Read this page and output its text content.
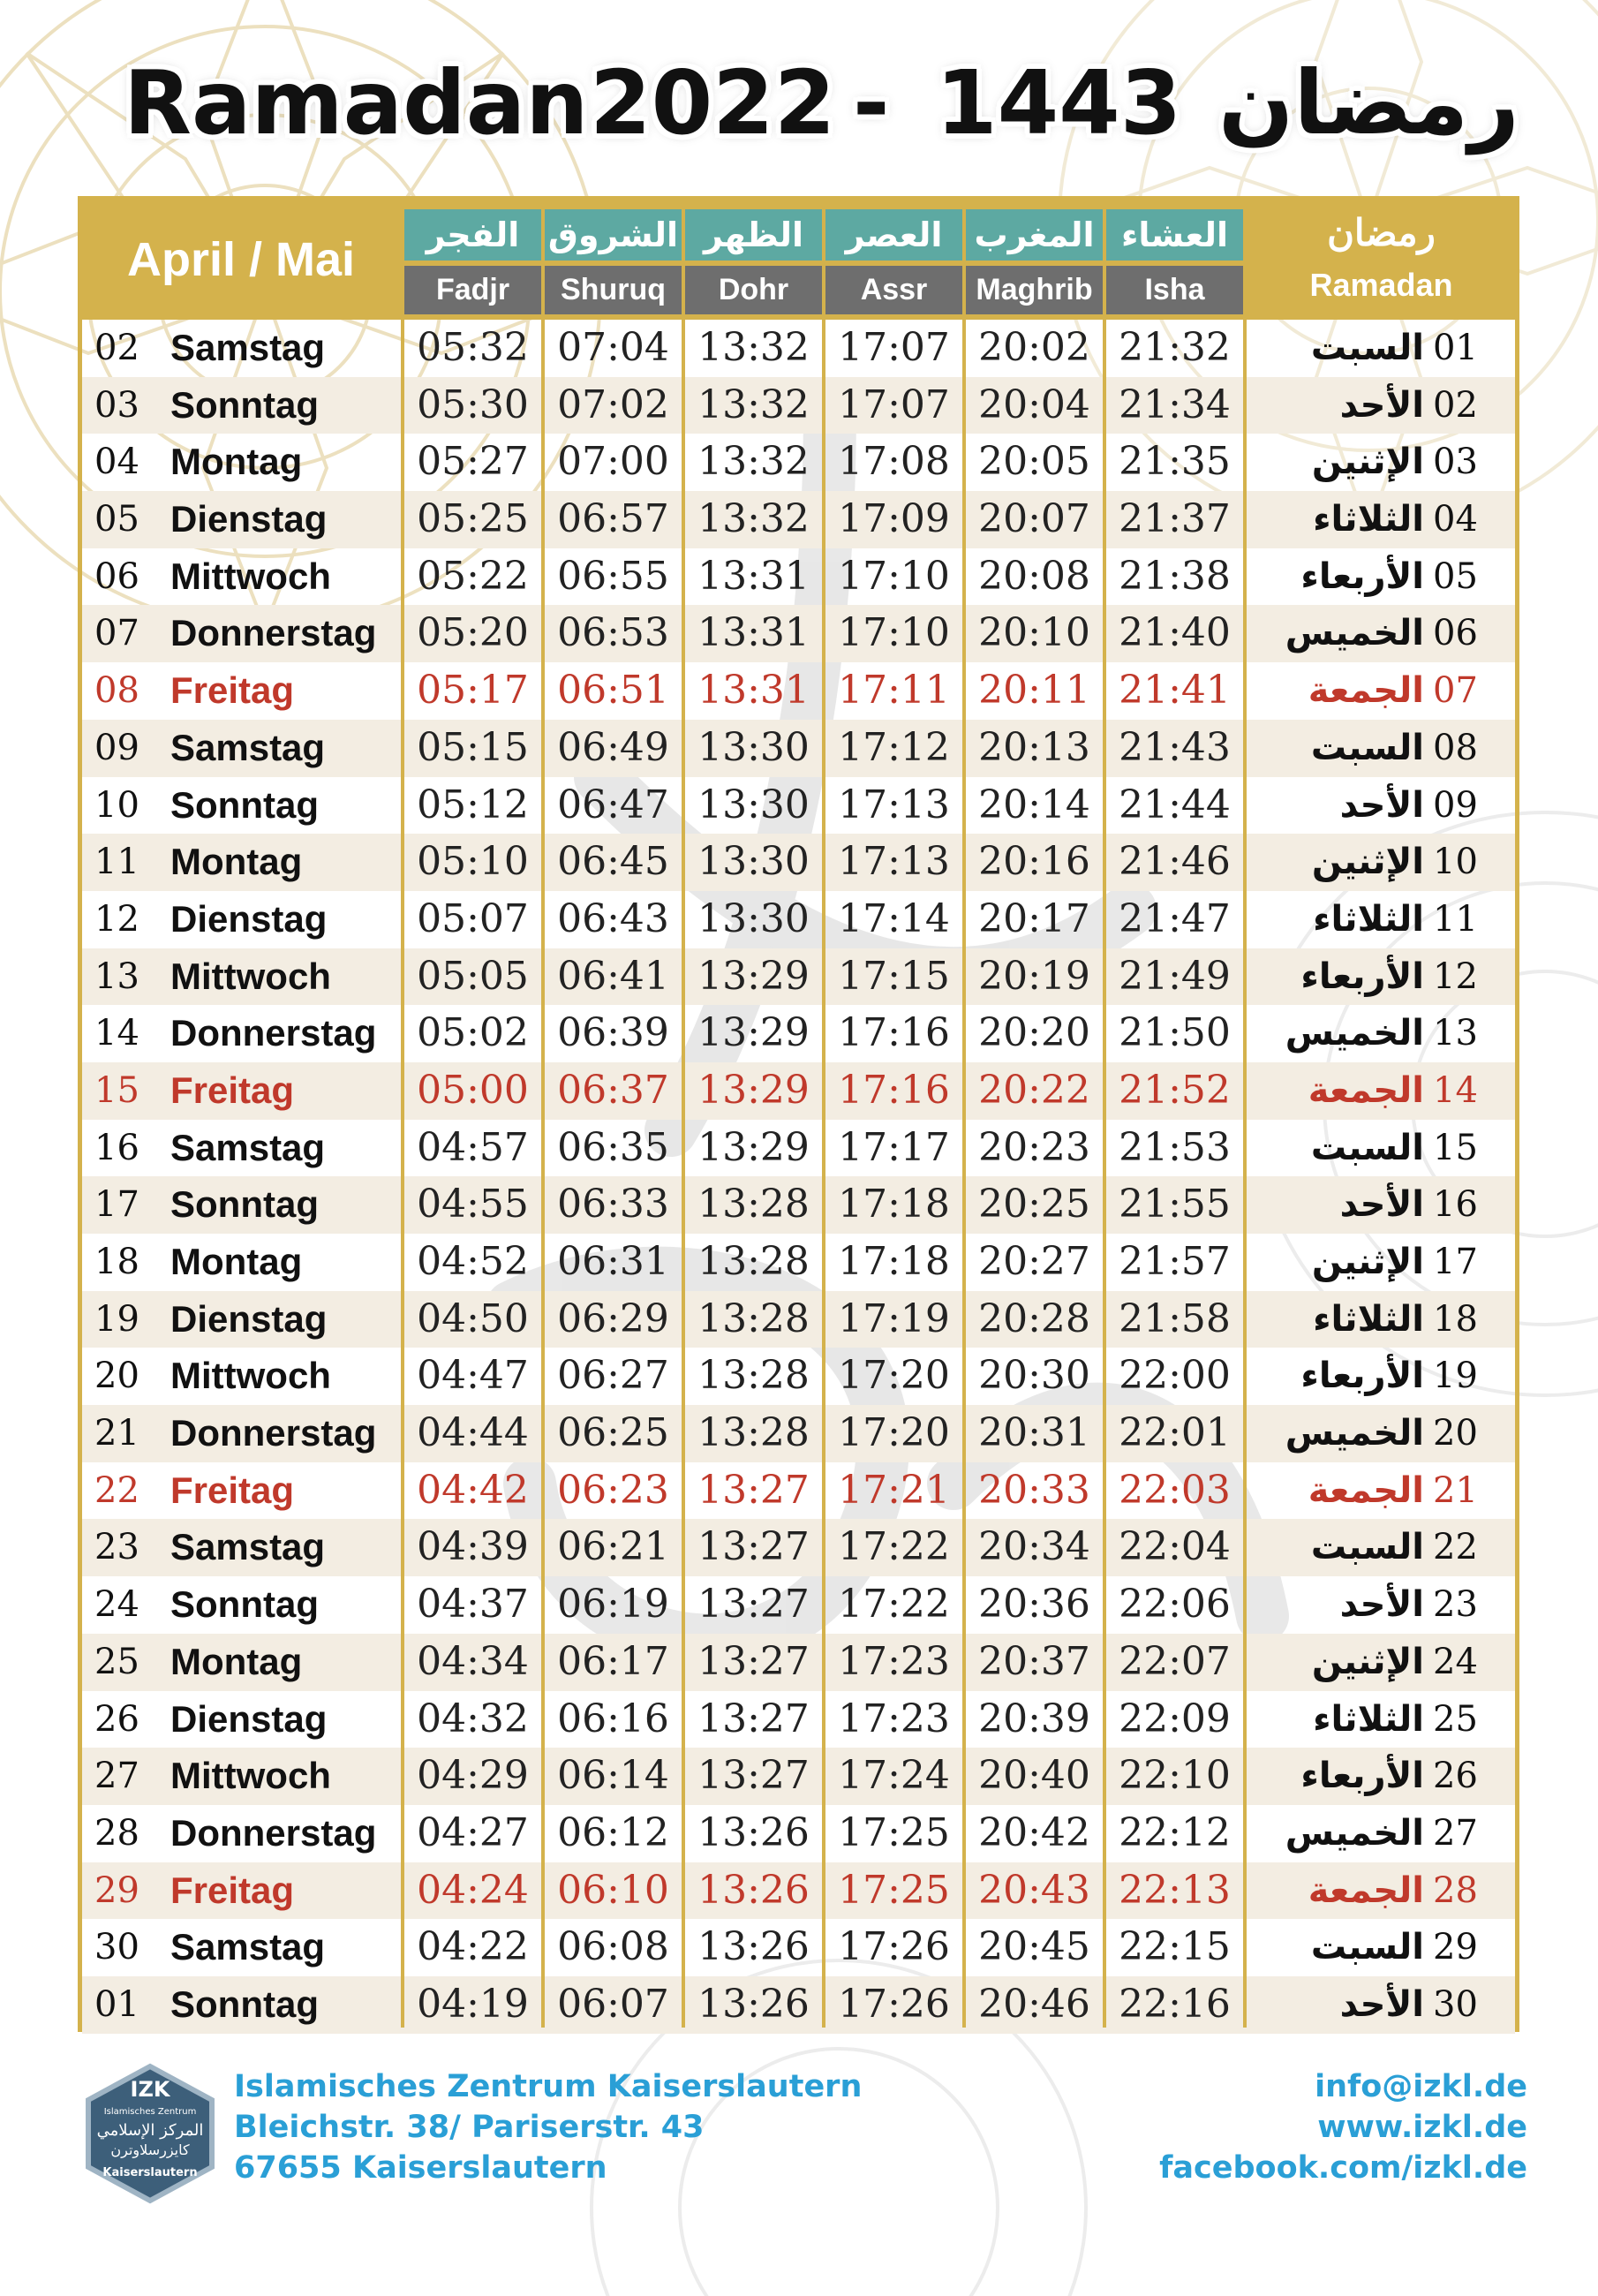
Ramadan 2022 - 1443 رمضان
April / Mai	الفجر
Fadjr
الشروق
Shuruq
الظهر
Dohr
العصر
Assr
المغرب
Maghrib
العشاء
Isha
رمضان
Ramadan
02 Samstag	05:32 07:04 13:32 17:07 20:02 21:32	السبت 01
03 Sonntag	05:30 07:02 13:32 17:07 20:04 21:34	الأحد 02
04 Montag	05:27 07:00 13:32 17:08 20:05 21:35	الإثنين 03
05 Dienstag	05:25 06:57 13:32 17:09 20:07 21:37	الثلاثاء 04
06 Mittwoch	05:22 06:55 13:31 17:10 20:08 21:38	الأربعاء 05
07 Donnerstag	05:20 06:53 13:31 17:10 20:10 21:40	الخميس 06
08 Freitag	05:17 06:51 13:31 17:11 20:11 21:41	الجمعة 07
09 Samstag	05:15 06:49 13:30 17:12 20:13 21:43	السبت 08
10 Sonntag	05:12 06:47 13:30 17:13 20:14 21:44	الأحد 09
11 Montag	05:10 06:45 13:30 17:13 20:16 21:46	الإثنين 10
12 Dienstag	05:07 06:43 13:30 17:14 20:17 21:47	الثلاثاء 11
13 Mittwoch	05:05 06:41 13:29 17:15 20:19 21:49	الأربعاء 12
14 Donnerstag	05:02 06:39 13:29 17:16 20:20 21:50	الخميس 13
15 Freitag	05:00 06:37 13:29 17:16 20:22 21:52	الجمعة 14
16 Samstag	04:57 06:35 13:29 17:17 20:23 21:53	السبت 15
17 Sonntag	04:55 06:33 13:28 17:18 20:25 21:55	الأحد 16
18 Montag	04:52 06:31 13:28 17:18 20:27 21:57	الإثنين 17
19 Dienstag	04:50 06:29 13:28 17:19 20:28 21:58	الثلاثاء 18
20 Mittwoch	04:47 06:27 13:28 17:20 20:30 22:00	الأربعاء 19
21 Donnerstag	04:44 06:25 13:28 17:20 20:31 22:01	الخميس 20
22 Freitag	04:42 06:23 13:27 17:21 20:33 22:03	الجمعة 21
23 Samstag	04:39 06:21 13:27 17:22 20:34 22:04	السبت 22
24 Sonntag	04:37 06:19 13:27 17:22 20:36 22:06	الأحد 23
25 Montag	04:34 06:17 13:27 17:23 20:37 22:07	الإثنين 24
26 Dienstag	04:32 06:16 13:27 17:23 20:39 22:09	الثلاثاء 25
27 Mittwoch	04:29 06:14 13:27 17:24 20:40 22:10	الأربعاء 26
28 Donnerstag	04:27 06:12 13:26 17:25 20:42 22:12	الخميس 27
29 Freitag	04:24 06:10 13:26 17:25 20:43 22:13	الجمعة 28
30 Samstag	04:22 06:08 13:26 17:26 20:45 22:15	السبت 29
01 Sonntag	04:19 06:07 13:26 17:26 20:46 22:16	الأحد 30
IZK
Islamisches Zentrum
المركز الإسلامي
كايزرسلاوترن
Kaiserslautern
Islamisches Zentrum Kaiserslautern
Bleichstr. 38/ Pariserstr. 43
67655 Kaiserslautern
info@izkl.de
www.izkl.de
facebook.com/izkl.de
